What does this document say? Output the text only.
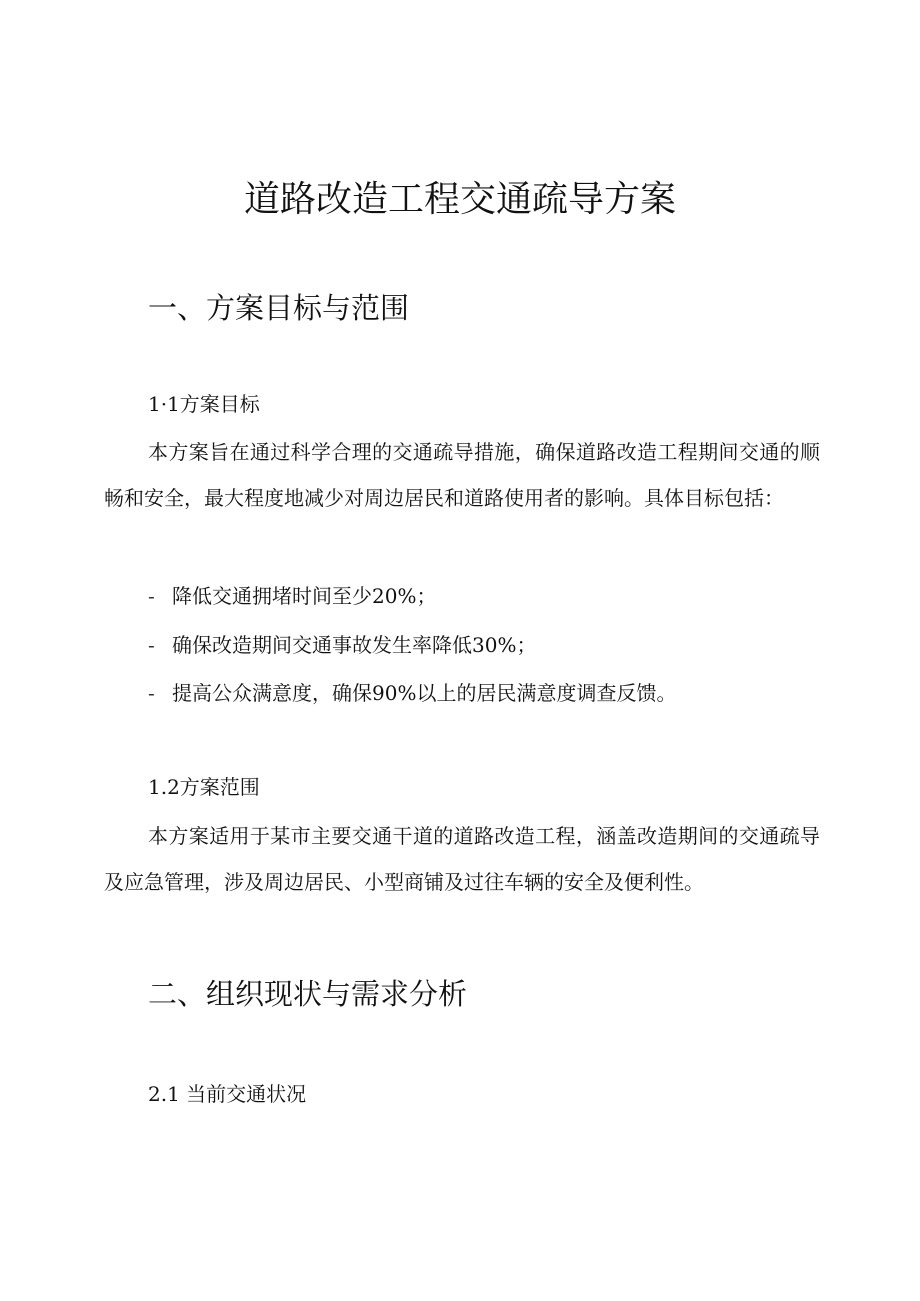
道路改造工程交通疏导方案
一、方案目标与范围
1·1方案目标

本方案旨在通过科学合理的交通疏导措施，确保道路改造工程期间交通的顺畅和安全，最大程度地减少对周边居民和道路使用者的影响。具体目标包括：

- 降低交通拥堵时间至少20%；
- 确保改造期间交通事故发生率降低30%；
- 提高公众满意度，确保90%以上的居民满意度调查反馈。
1.2方案范围

本方案适用于某市主要交通干道的道路改造工程，涵盖改造期间的交通疏导及应急管理，涉及周边居民、小型商铺及过往车辆的安全及便利性。

二、组织现状与需求分析
2.1 当前交通状况
